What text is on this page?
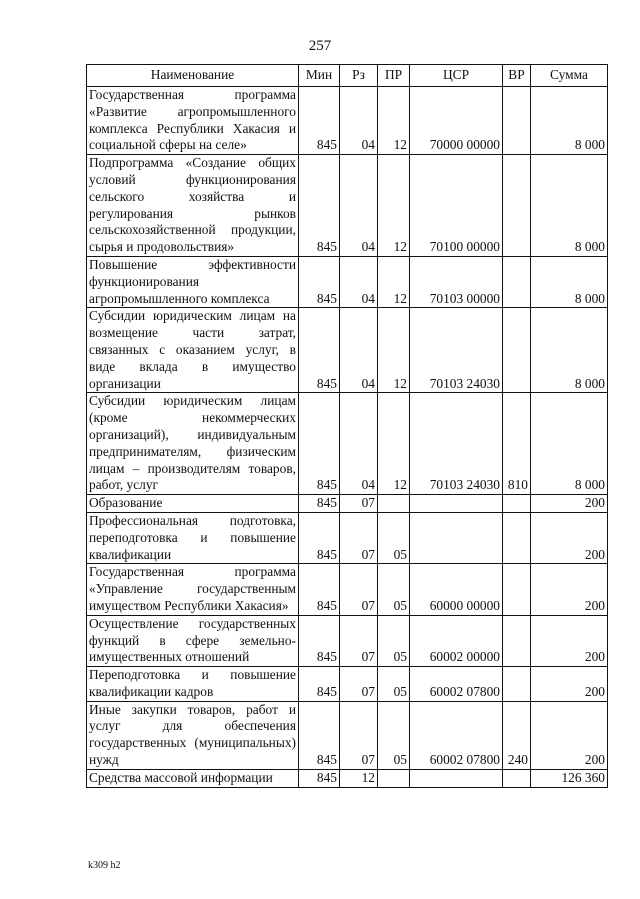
257
Наименование	Мин	Рз	ПР	ЦСР	ВР	Сумма
Государственная программа «Развитие агропромышленного комплекса Республики Хакасия и социальной сферы на селе»	845	04	12	70000 00000		8 000
Подпрограмма «Создание общих условий функционирования сельского хозяйства и регулирования рынков сельскохозяйственной продукции, сырья и продовольствия»	845	04	12	70100 00000		8 000
Повышение эффективности функционирования агропромышленного комплекса	845	04	12	70103 00000		8 000
Субсидии юридическим лицам на возмещение части затрат, связанных с оказанием услуг, в виде вклада в имущество организации	845	04	12	70103 24030		8 000
Субсидии юридическим лицам (кроме некоммерческих организаций), индивидуальным предпринимателям, физическим лицам – производителям товаров, работ, услуг	845	04	12	70103 24030	810	8 000
Образование	845	07				200
Профессиональная подготовка, переподготовка и повышение квалификации	845	07	05			200
Государственная программа «Управление государственным имуществом Республики Хакасия»	845	07	05	60000 00000		200
Осуществление государственных функций в сфере земельно-имущественных отношений	845	07	05	60002 00000		200
Переподготовка и повышение квалификации кадров	845	07	05	60002 07800		200
Иные закупки товаров, работ и услуг для обеспечения государственных (муниципальных) нужд	845	07	05	60002 07800	240	200
Средства массовой информации	845	12				126 360
k309 h2
